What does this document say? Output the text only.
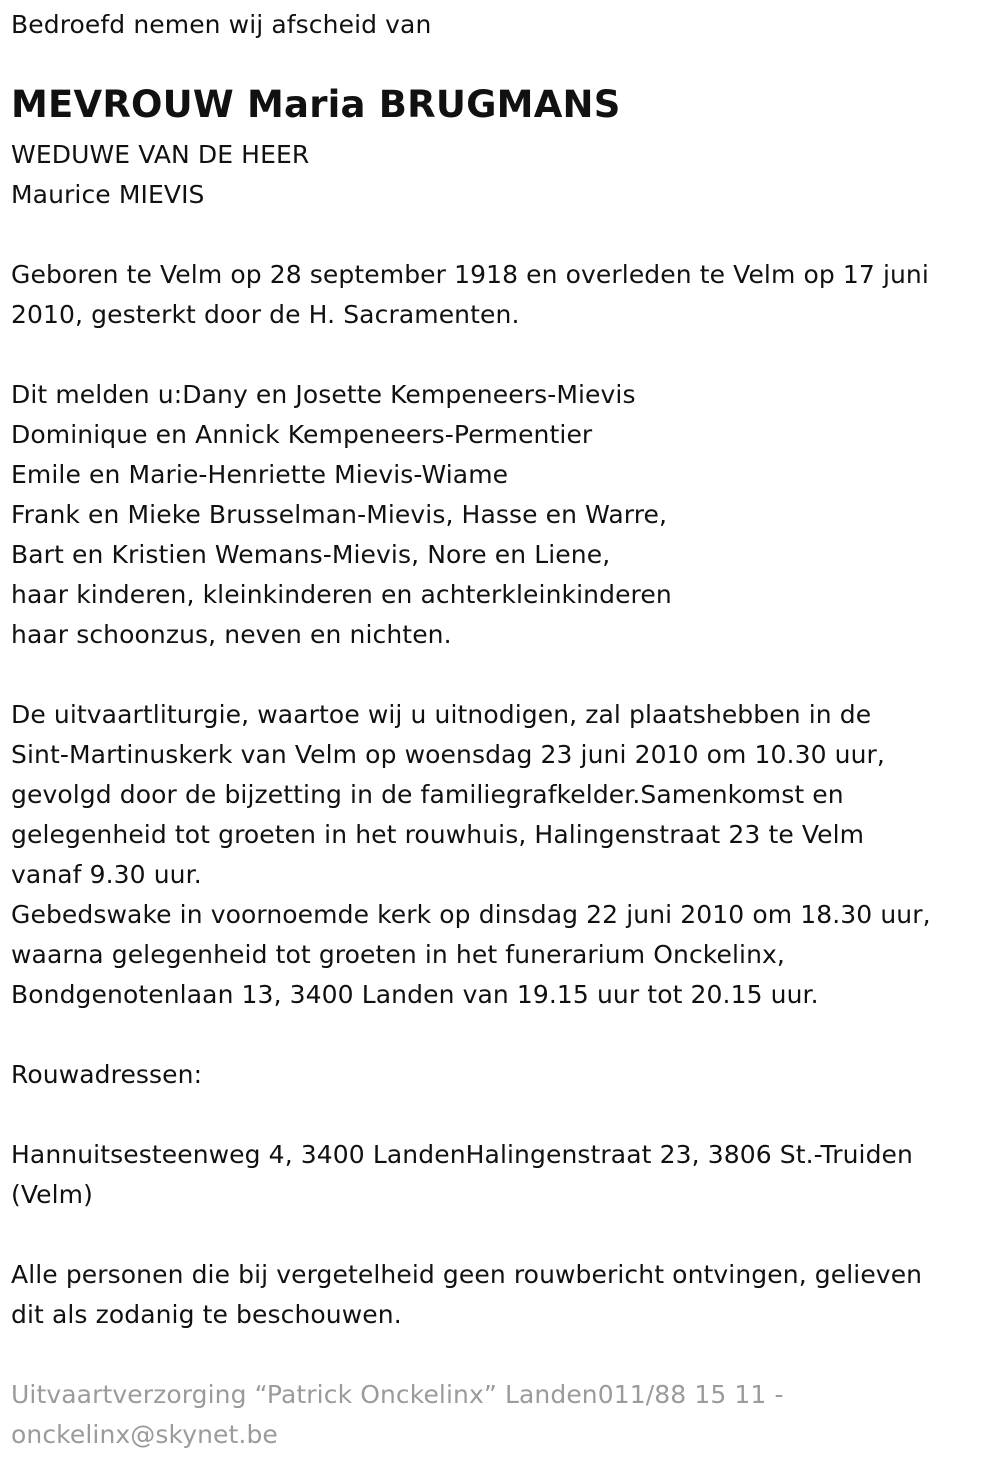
Bedroefd nemen wij afscheid van
MEVROUW Maria BRUGMANS
WEDUWE VAN DE HEER
Maurice MIEVIS
Geboren te Velm op 28 september 1918 en overleden te Velm op 17 juni
2010, gesterkt door de H. Sacramenten.
Dit melden u:Dany en Josette Kempeneers-Mievis
Dominique en Annick Kempeneers-Permentier
Emile en Marie-Henriette Mievis-Wiame
Frank en Mieke Brusselman-Mievis, Hasse en Warre,
Bart en Kristien Wemans-Mievis, Nore en Liene,
haar kinderen, kleinkinderen en achterkleinkinderen
haar schoonzus, neven en nichten.
De uitvaartliturgie, waartoe wij u uitnodigen, zal plaatshebben in de
Sint-Martinuskerk van Velm op woensdag 23 juni 2010 om 10.30 uur,
gevolgd door de bijzetting in de familiegrafkelder.Samenkomst en
gelegenheid tot groeten in het rouwhuis, Halingenstraat 23 te Velm
vanaf 9.30 uur.
Gebedswake in voornoemde kerk op dinsdag 22 juni 2010 om 18.30 uur,
waarna gelegenheid tot groeten in het funerarium Onckelinx,
Bondgenotenlaan 13, 3400 Landen van 19.15 uur tot 20.15 uur.
Rouwadressen:
Hannuitsesteenweg 4, 3400 LandenHalingenstraat 23, 3806 St.-Truiden
(Velm)
Alle personen die bij vergetelheid geen rouwbericht ontvingen, gelieven
dit als zodanig te beschouwen.
Uitvaartverzorging “Patrick Onckelinx” Landen011/88 15 11 -
onckelinx@skynet.be
